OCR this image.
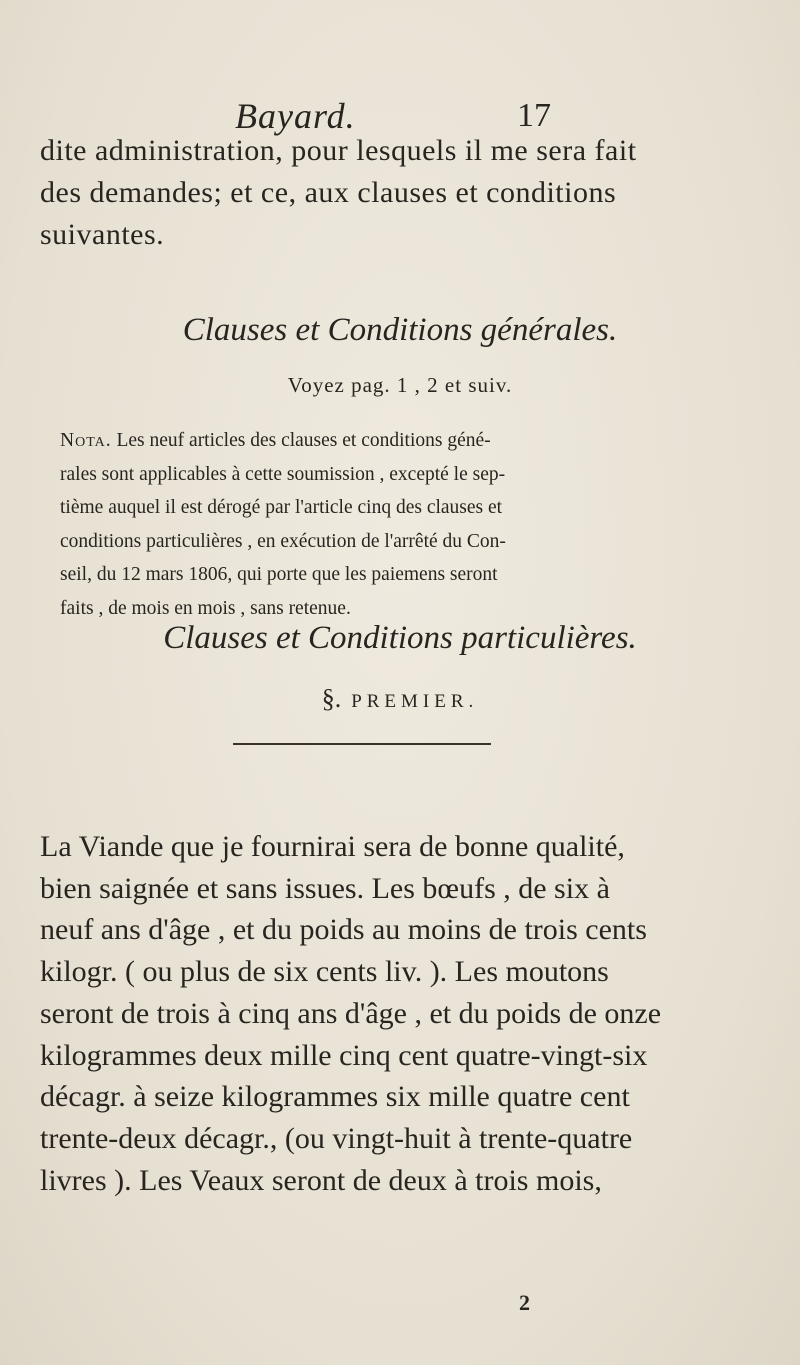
Bayard.	17

dite administration, pour lesquels il me sera fait
des demandes; et ce, aux clauses et conditions
suivantes.

Clauses et Conditions générales.
Voyez pag. 1 , 2 et suiv.

Nota. Les neuf articles des clauses et conditions géné-
rales sont applicables à cette soumission , excepté le sep-
tième auquel il est dérogé par l'article cinq des clauses et
conditions particulières , en exécution de l'arrêté du Con-
seil, du 12 mars 1806, qui porte que les paiemens seront
faits , de mois en mois , sans retenue.

Clauses et Conditions particulières.
§. PREMIER.

La Viande que je fournirai sera de bonne qualité,
bien saignée et sans issues. Les bœufs , de six à
neuf ans d'âge , et du poids au moins de trois cents
kilogr. ( ou plus de six cents liv. ). Les moutons
seront de trois à cinq ans d'âge , et du poids de onze
kilogrammes deux mille cinq cent quatre-vingt-six
décagr. à seize kilogrammes six mille quatre cent
trente-deux décagr., (ou vingt-huit à trente-quatre
livres ). Les Veaux seront de deux à trois mois,

2
